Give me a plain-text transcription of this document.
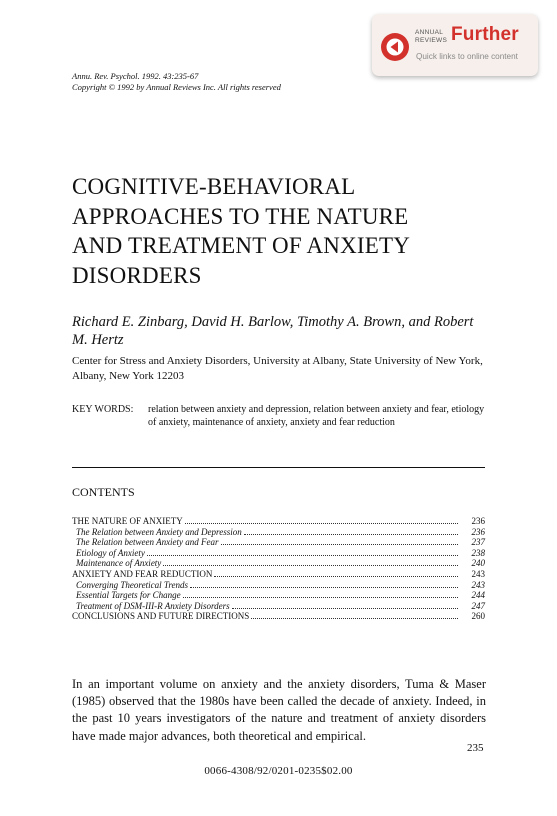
ANNUAL REVIEWS Further
Quick links to online content
Annu. Rev. Psychol. 1992. 43:235-67
Copyright © 1992 by Annual Reviews Inc. All rights reserved
COGNITIVE-BEHAVIORAL
APPROACHES TO THE NATURE
AND TREATMENT OF ANXIETY
DISORDERS
Richard E. Zinbarg, David H. Barlow, Timothy A. Brown, and Robert M. Hertz
Center for Stress and Anxiety Disorders, University at Albany, State University of New York, Albany, New York 12203
KEY WORDS: relation between anxiety and depression, relation between anxiety and fear, etiology of anxiety, maintenance of anxiety, anxiety and fear reduction
CONTENTS
THE NATURE OF ANXIETY	236
The Relation between Anxiety and Depression	236
The Relation between Anxiety and Fear	237
Etiology of Anxiety	238
Maintenance of Anxiety	240
ANXIETY AND FEAR REDUCTION	243
Converging Theoretical Trends	243
Essential Targets for Change	244
Treatment of DSM-III-R Anxiety Disorders	247
CONCLUSIONS AND FUTURE DIRECTIONS	260
In an important volume on anxiety and the anxiety disorders, Tuma & Maser (1985) observed that the 1980s have been called the decade of anxiety. Indeed, in the past 10 years investigators of the nature and treatment of anxiety disorders have made major advances, both theoretical and empirical.
235
0066-4308/92/0201-0235$02.00
